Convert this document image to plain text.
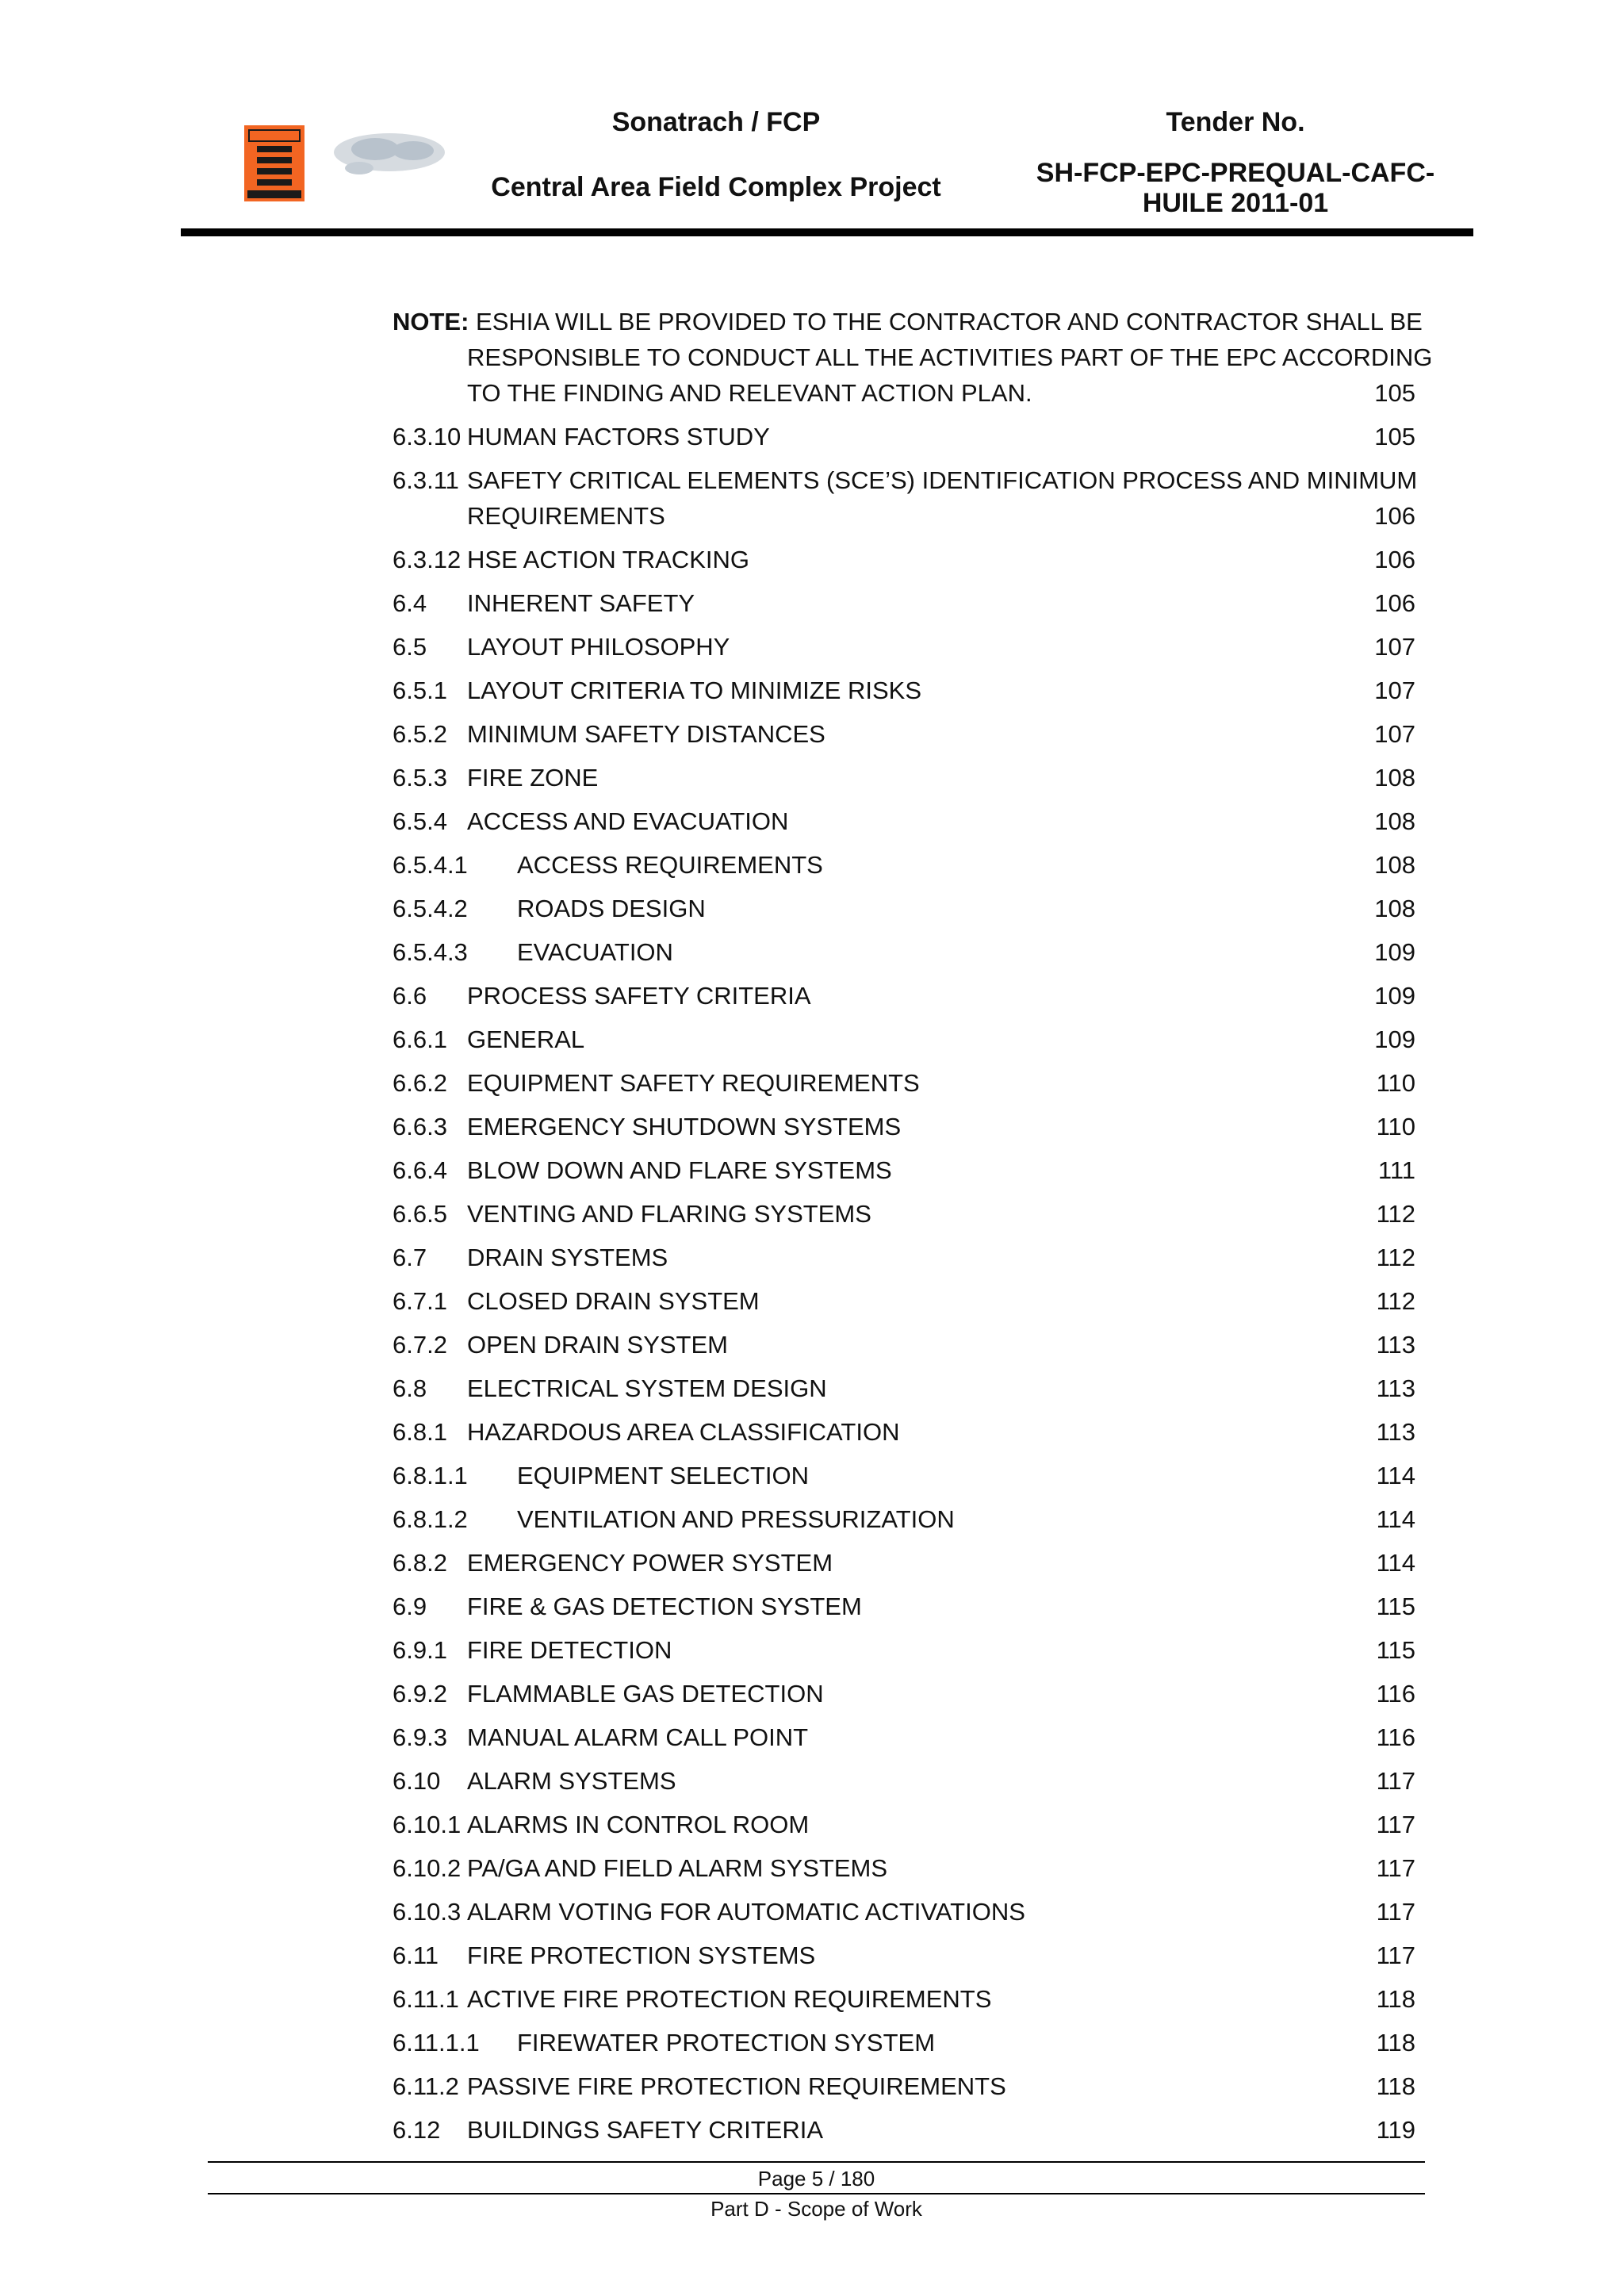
Sonatrach / FCP
Central Area Field Complex Project
Tender No.
SH-FCP-EPC-PREQUAL-CAFC-
HUILE 2011-01
NOTE: ESHIA WILL BE PROVIDED TO THE CONTRACTOR AND CONTRACTOR SHALL BE
RESPONSIBLE TO CONDUCT ALL THE ACTIVITIES PART OF THE EPC ACCORDING
TO THE FINDING AND RELEVANT ACTION PLAN.	105
6.3.10 HUMAN FACTORS STUDY	105
6.3.11 SAFETY CRITICAL ELEMENTS (SCE’S) IDENTIFICATION PROCESS AND MINIMUM REQUIREMENTS	106
6.3.12 HSE ACTION TRACKING	106
6.4 INHERENT SAFETY	106
6.5 LAYOUT PHILOSOPHY	107
6.5.1 LAYOUT CRITERIA TO MINIMIZE RISKS	107
6.5.2 MINIMUM SAFETY DISTANCES	107
6.5.3 FIRE ZONE	108
6.5.4 ACCESS AND EVACUATION	108
6.5.4.1 ACCESS REQUIREMENTS	108
6.5.4.2 ROADS DESIGN	108
6.5.4.3 EVACUATION	109
6.6 PROCESS SAFETY CRITERIA	109
6.6.1 GENERAL	109
6.6.2 EQUIPMENT SAFETY REQUIREMENTS	110
6.6.3 EMERGENCY SHUTDOWN SYSTEMS	110
6.6.4 BLOW DOWN AND FLARE SYSTEMS	111
6.6.5 VENTING AND FLARING SYSTEMS	112
6.7 DRAIN SYSTEMS	112
6.7.1 CLOSED DRAIN SYSTEM	112
6.7.2 OPEN DRAIN SYSTEM	113
6.8 ELECTRICAL SYSTEM DESIGN	113
6.8.1 HAZARDOUS AREA CLASSIFICATION	113
6.8.1.1 EQUIPMENT SELECTION	114
6.8.1.2 VENTILATION AND PRESSURIZATION	114
6.8.2 EMERGENCY POWER SYSTEM	114
6.9 FIRE & GAS DETECTION SYSTEM	115
6.9.1 FIRE DETECTION	115
6.9.2 FLAMMABLE GAS DETECTION	116
6.9.3 MANUAL ALARM CALL POINT	116
6.10 ALARM SYSTEMS	117
6.10.1 ALARMS IN CONTROL ROOM	117
6.10.2 PA/GA AND FIELD ALARM SYSTEMS	117
6.10.3 ALARM VOTING FOR AUTOMATIC ACTIVATIONS	117
6.11 FIRE PROTECTION SYSTEMS	117
6.11.1 ACTIVE FIRE PROTECTION REQUIREMENTS	118
6.11.1.1 FIREWATER PROTECTION SYSTEM	118
6.11.2 PASSIVE FIRE PROTECTION REQUIREMENTS	118
6.12 BUILDINGS SAFETY CRITERIA	119
Page 5 / 180
Part D - Scope of Work
